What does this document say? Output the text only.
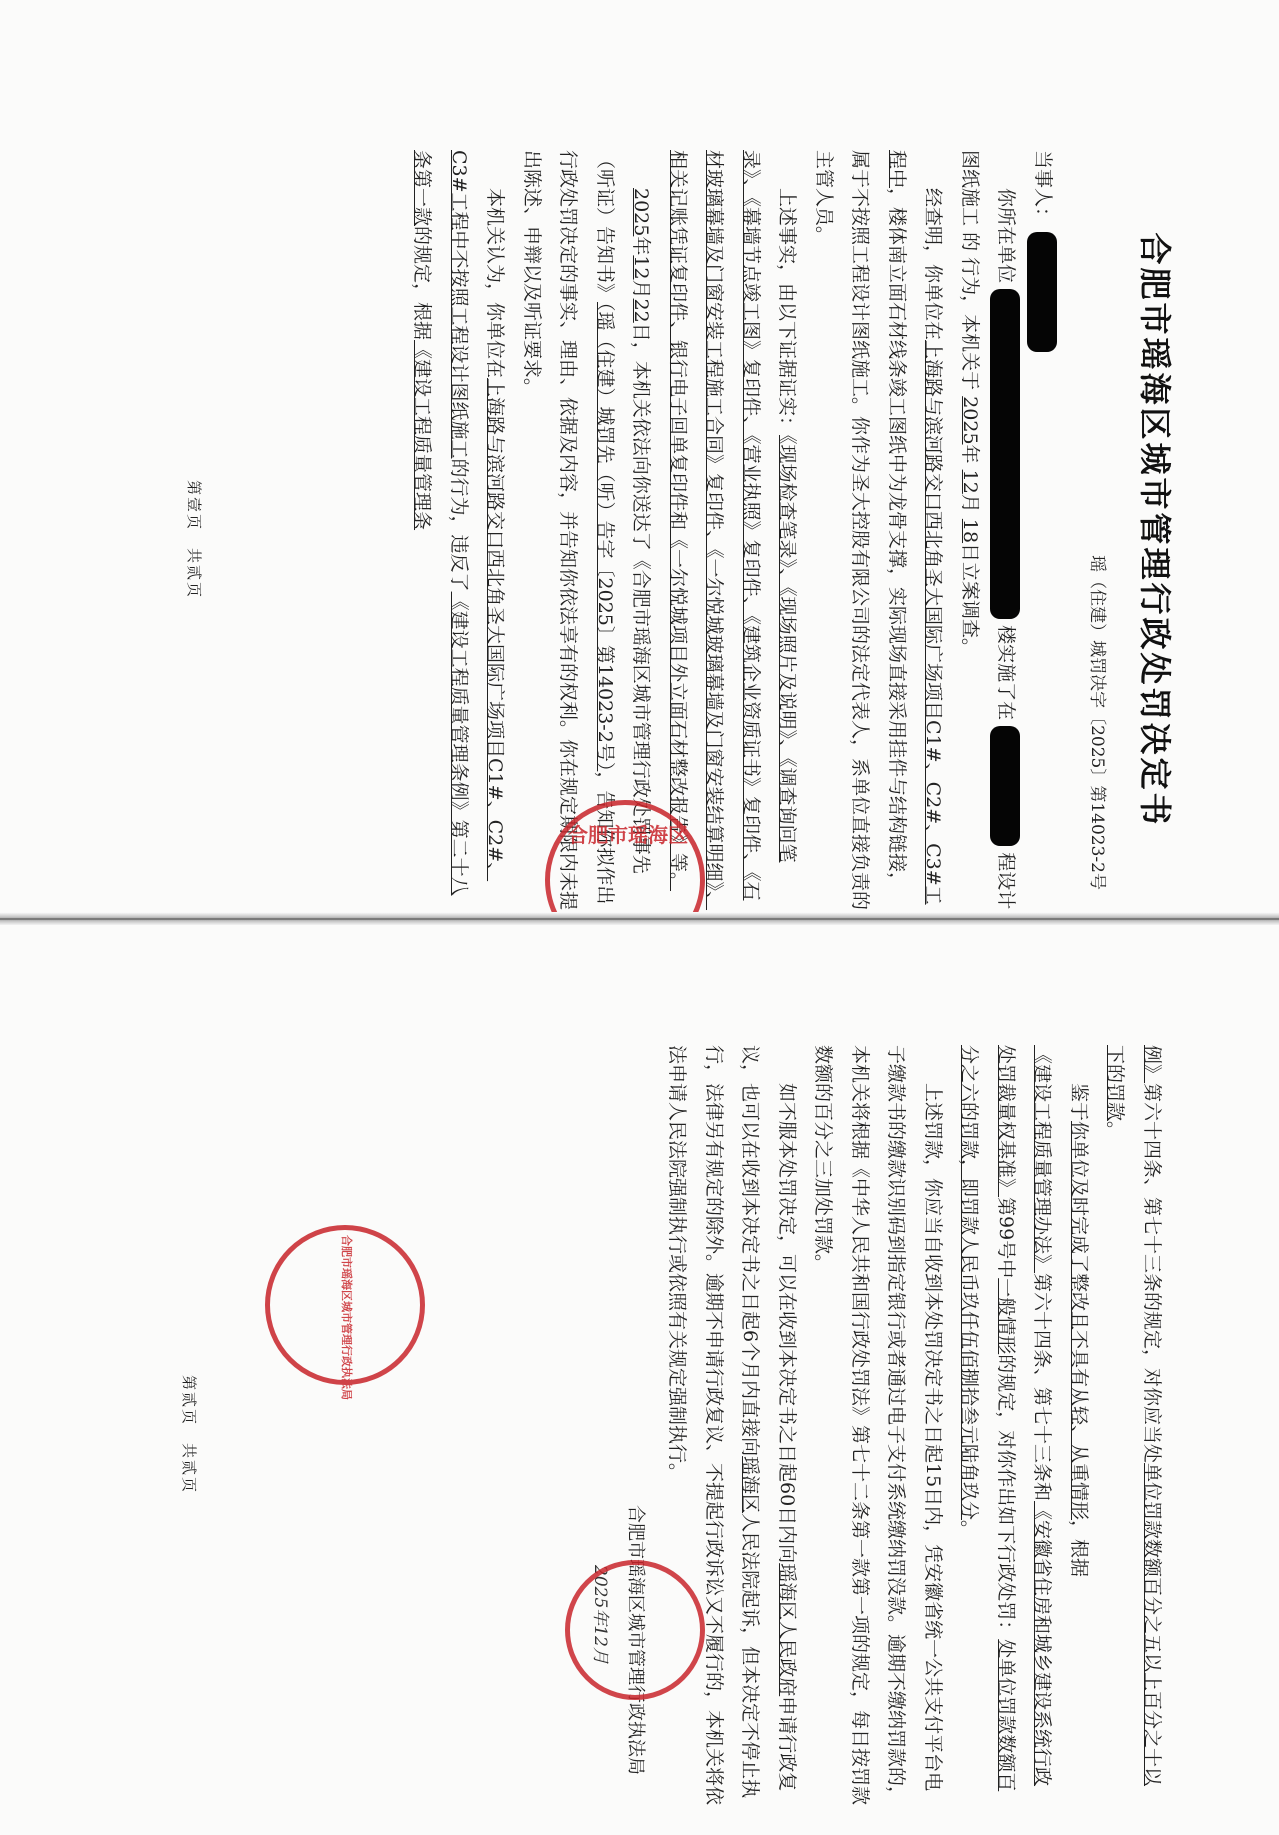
合肥市瑶海区城市管理行政处罚决定书
瑶（住建）城罚决字〔2025〕第14023-2号

当事人：

你所在单位  楼实施了在  程设计图纸施工 的 行为，本机关于 2025年 12月 18日立案调查。

经查明，你单位在上海路与滨河路交口西北角圣大国际广场项目C1#、C2#、C3#工程中，楼体南立面石材线条竣工图纸中为龙骨支撑，实际现场直接采用挂件与结构链接，属于不按照工程设计图纸施工。你作为圣大控股有限公司的法定代表人，系单位直接负责的主管人员。

上述事实，由以下证据证实：《现场检查笔录》、《现场照片及说明》、《调查询问笔录》、《幕墙节点竣工图》复印件、《营业执照》复印件、《建筑企业资质证书》复印件、《石材玻璃幕墙及门窗安装工程施工合同》复印件、《一尔悦城玻璃幕墙及门窗安装结算明细》、相关记账凭证复印件、银行电子回单复印件和《一尔悦城项目外立面石材整改报告》等。

2025年12月22日，本机关依法向你送达了《合肥市瑶海区城市管理行政处罚事先（听证）告知书》（瑶（住建）城罚先（听）告字〔2025〕第14023-2号），告知你拟作出行政处罚决定的事实、理由、依据及内容，并告知你依法享有的权利。你在规定期限内未提出陈述、申辩以及听证要求。

本机关认为，你单位在上海路与滨河路交口西北角圣大国际广场项目C1#、C2#、C3#工程中不按照工程设计图纸施工的行为，违反了《建设工程质量管理条例》第二十八条第一款的规定，根据《建设工程质量管理条

第壹页　共贰页
合肥市瑶海区

例》第六十四条、第七十三条的规定，对你应当处单位罚款数额百分之五以上百分之十以下的罚款。

鉴于你单位及时完成了整改且不具有从轻、从重情形，根据《建设工程质量管理办法》第六十四条、第七十三条和《安徽省住房和城乡建设系统行政处罚裁量权基准》第99号中一般情形的规定，对你作出如下行政处罚：处单位罚款数额百分之六的罚款，即罚款人民币玖仟伍佰捌拾叁元陆角玖分。

上述罚款，你应当自收到本处罚决定书之日起15日内，凭安徽省统一公共支付平台电子缴款书的缴款识别码到指定银行或者通过电子支付系统缴纳罚没款。逾期不缴纳罚款的，本机关将根据《中华人民共和国行政处罚法》第七十二条第一款第一项的规定，每日按罚款数额的百分之三加处罚款。

如不服本处罚决定，可以在收到本决定书之日起60日内向瑶海区人民政府申请行政复议，也可以在收到本决定书之日起6个月内直接向瑶海区人民法院起诉，但本决定不停止执行，法律另有规定的除外。逾期不申请行政复议、不提起行政诉讼又不履行的，本机关将依法申请人民法院强制执行或依照有关规定强制执行。

合肥市瑶海区城市管理行政执法局
2025年12月
第贰页　共贰页
合肥市瑶海区城市管理行政执法局
